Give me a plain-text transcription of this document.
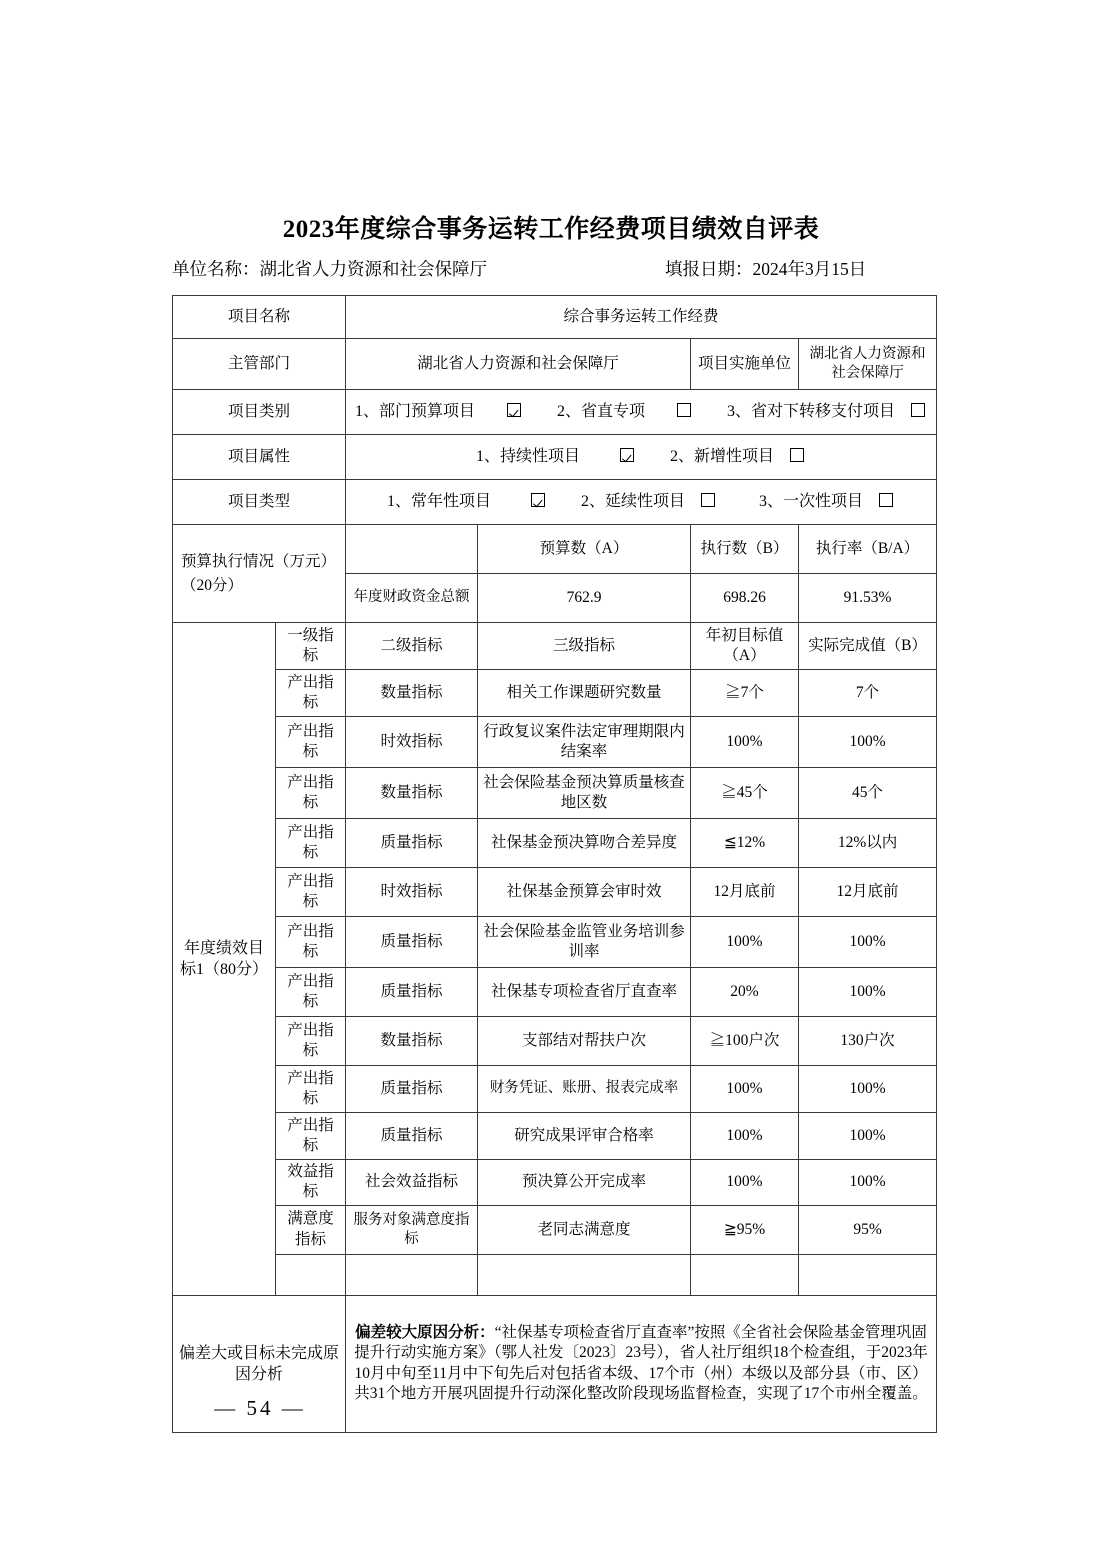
2023年度综合事务运转工作经费项目绩效自评表
单位名称：湖北省人力资源和社会保障厅	填报日期：2024年3月15日
项目名称		综合事务运转工作经费			
主管部门		湖北省人力资源和社会保障厅		项目实施单位	湖北省人力资源和社会保障厅
项目类别		1、部门预算项目 2、省直专项 3、省对下转移支付项目			
项目属性		1、持续性项目 2、新增性项目			
项目类型		1、常年性项目 2、延续性项目 3、一次性项目			
预算执行情况（万元）（20分）			预算数（A）	执行数（B）	执行率（B/A）
		年度财政资金总额	762.9	698.26	91.53%
年度绩效目标1（80分）	一级指标	二级指标	三级指标	年初目标值（A）	实际完成值（B）
	产出指标	数量指标	相关工作课题研究数量	≧7个	7个
	产出指标	时效指标	行政复议案件法定审理期限内结案率	100%	100%
	产出指标	数量指标	社会保险基金预决算质量核查地区数	≧45个	45个
	产出指标	质量指标	社保基金预决算吻合差异度	≦12%	12%以内
	产出指标	时效指标	社保基金预算会审时效	12月底前	12月底前
	产出指标	质量指标	社会保险基金监管业务培训参训率	100%	100%
	产出指标	质量指标	社保基专项检查省厅直查率	20%	100%
	产出指标	数量指标	支部结对帮扶户次	≧100户次	130户次
	产出指标	质量指标	财务凭证、账册、报表完成率	100%	100%
	产出指标	质量指标	研究成果评审合格率	100%	100%
	效益指标	社会效益指标	预决算公开完成率	100%	100%
	满意度指标	服务对象满意度指标	老同志满意度	≧95%	95%

偏差大或目标未完成原因分析		偏差较大原因分析：“社保基专项检查省厅直查率”按照《全省社会保险基金管理巩固提升行动实施方案》（鄂人社发〔2023〕23号），省人社厅组织18个检查组，于2023年10月中旬至11月中下旬先后对包括省本级、17个市（州）本级以及部分县（市、区）共31个地方开展巩固提升行动深化整改阶段现场监督检查，实现了17个市州全覆盖。			
— 54 —
